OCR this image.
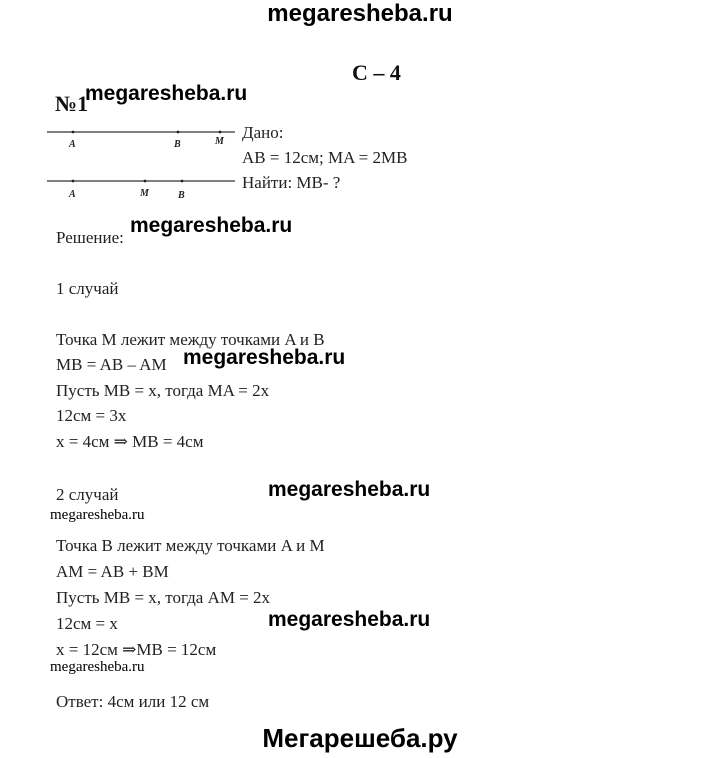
megaresheba.ru
С – 4
№1
megaresheba.ru
A	B	M
A	M	B
Дано:
AB = 12см; MA = 2MB
Найти: MB- ?
Решение:
megaresheba.ru
1 случай
Точка M лежит между точками A и B
MB = AB – AM megaresheba.ru
Пусть MB = x, тогда MA = 2x
12см = 3x
x = 4см ⇒ MB = 4см
2 случай	megaresheba.ru
megaresheba.ru
Точка B лежит между точками A и M
AM = AB + BM
Пусть MB = x, тогда AM = 2x
12см = x	megaresheba.ru
x = 12см ⇒MB = 12см
megaresheba.ru
Ответ: 4см или 12 см
Мегарешеба.ру
